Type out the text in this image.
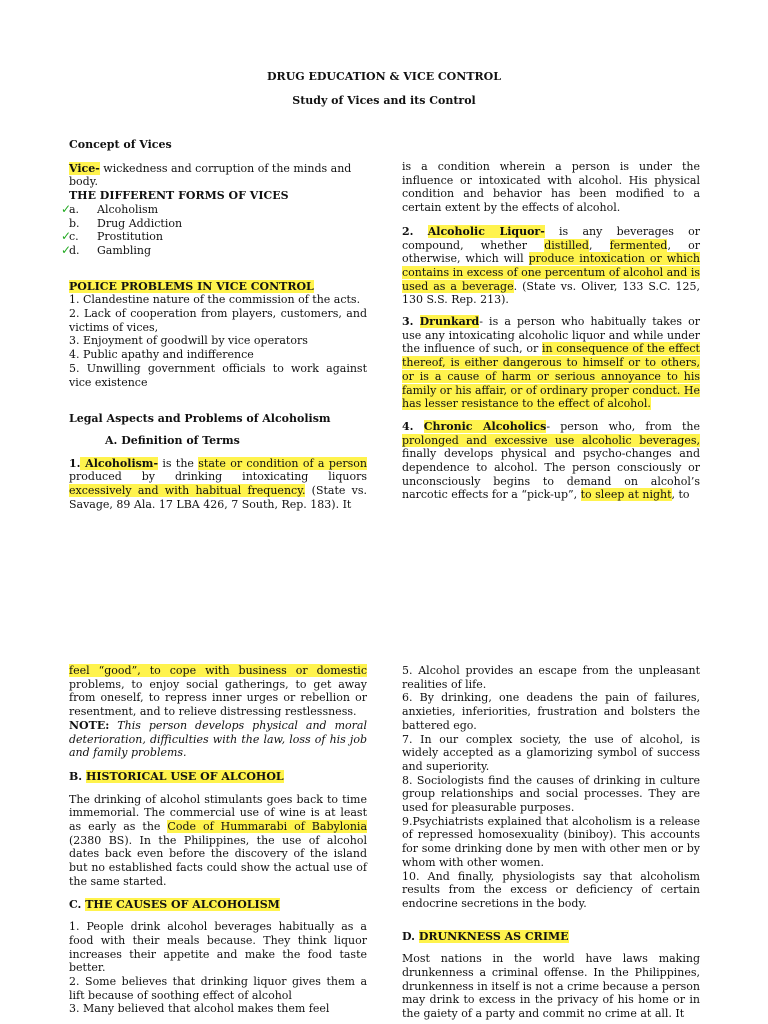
DRUG EDUCATION & VICE CONTROL
Study of Vices and its Control

Concept of Vices

Vice- wickedness and corruption of the minds and body.

THE DIFFERENT FORMS OF VICES

✓
a.	Alcoholism
b.	Drug Addiction
✓
c.	Prostitution
✓
d.	Gambling

POLICE PROBLEMS IN VICE CONTROL

1. Clandestine nature of the commission of the acts.

2. Lack of cooperation from players, customers, and victims of vices,

3. Enjoyment of goodwill by vice operators

4. Public apathy and indifference

5. Unwilling government officials to work against vice existence

Legal Aspects and Problems of Alcoholism

A. Definition of Terms

1. Alcoholism- is the state or condition of a person produced by drinking intoxicating liquors excessively and with habitual frequency. (State vs. Savage, 89 Ala. 17 LBA 426, 7 South, Rep. 183). It

is a condition wherein a person is under the influence or intoxicated with alcohol. His physical condition and behavior has been modified to a certain extent by the effects of alcohol.

2. Alcoholic Liquor- is any beverages or compound, whether distilled, fermented, or otherwise, which will produce intoxication or which contains in excess of one percentum of alcohol and is used as a beverage. (State vs. Oliver, 133 S.C. 125, 130 S.S. Rep. 213).

3. Drunkard- is a person who habitually takes or use any intoxicating alcoholic liquor and while under the influence of such, or in consequence of the effect thereof, is either dangerous to himself or to others, or is a cause of harm or serious annoyance to his family or his affair, or of ordinary proper conduct. He has lesser resistance to the effect of alcohol.

4. Chronic Alcoholics- person who, from the prolonged and excessive use alcoholic beverages, finally develops physical and psycho-changes and dependence to alcohol. The person consciously or unconsciously begins to demand on alcohol’s narcotic effects for a “pick-up”, to sleep at night, to

feel “good”, to cope with business or domestic problems, to enjoy social gatherings, to get away from oneself, to repress inner urges or rebellion or resentment, and to relieve distressing restlessness.

NOTE: This person develops physical and moral deterioration, difficulties with the law, loss of his job and family problems.

B. HISTORICAL USE OF ALCOHOL

The drinking of alcohol stimulants goes back to time immemorial. The commercial use of wine is at least as early as the Code of Hummarabi of Babylonia (2380 BS). In the Philippines, the use of alcohol dates back even before the discovery of the island but no established facts could show the actual use of the same started.

C. THE CAUSES OF ALCOHOLISM

1. People drink alcohol beverages habitually as a food with their meals because. They think liquor increases their appetite and make the food taste better.

2. Some believes that drinking liquor gives them a lift because of soothing effect of alcohol

3. Many believed that alcohol makes them feel

5. Alcohol provides an escape from the unpleasant realities of life.

6. By drinking, one deadens the pain of failures, anxieties, inferiorities, frustration and bolsters the battered ego.

7. In our complex society, the use of alcohol, is widely accepted as a glamorizing symbol of success and superiority.

8. Sociologists find the causes of drinking in culture group relationships and social processes. They are used for pleasurable purposes.

9.Psychiatrists explained that alcoholism is a release of repressed homosexuality (biniboy). This accounts for some drinking done by men with other men or by whom with other women.

10. And finally, physiologists say that alcoholism results from the excess or deficiency of certain endocrine secretions in the body.

D. DRUNKNESS AS CRIME

Most nations in the world have laws making drunkenness a criminal offense. In the Philippines, drunkenness in itself is not a crime because a person may drink to excess in the privacy of his home or in the gaiety of a party and commit no crime at all. It
